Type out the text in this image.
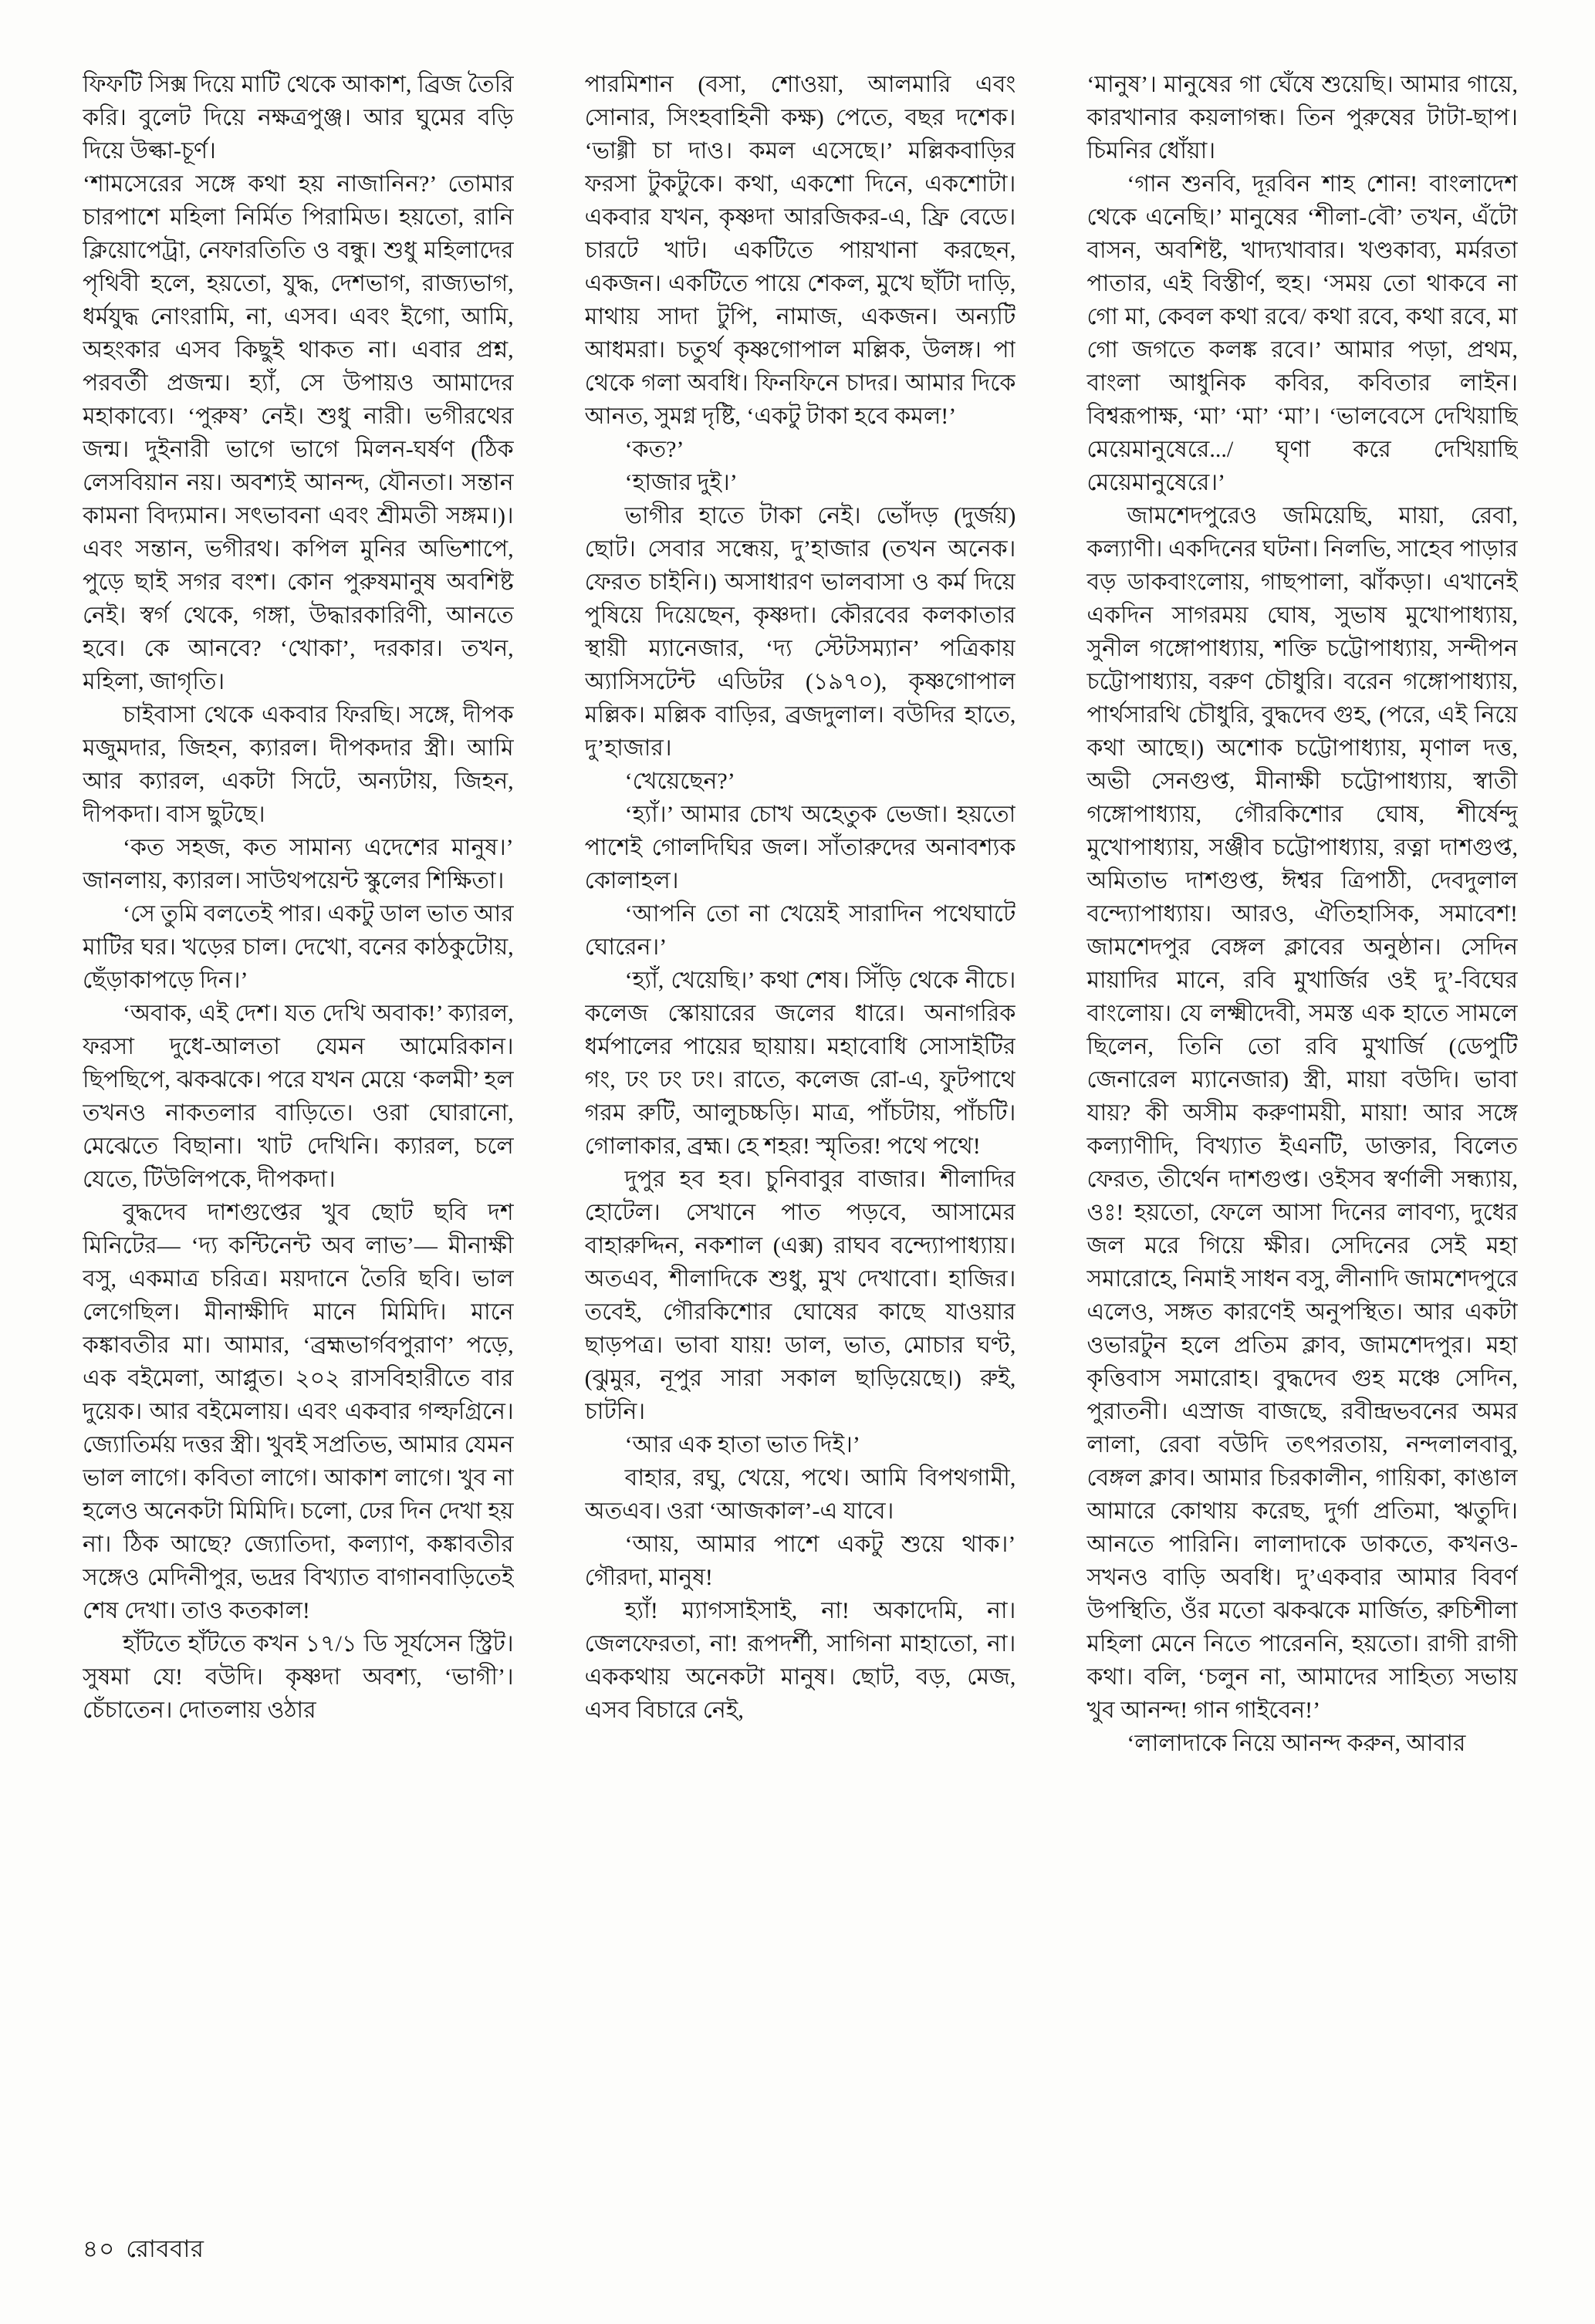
ফিফটি সিক্স দিয়ে মাটি থেকে আকাশ, ব্রিজ তৈরি করি। বুলেট দিয়ে নক্ষত্রপুঞ্জ। আর ঘুমের বড়ি দিয়ে উল্কা-চূর্ণ।

‘শামসেরের সঙ্গে কথা হয় নাজানিন?’ তোমার চারপাশে মহিলা নির্মিত পিরামিড। হয়তো, রানি ক্লিয়োপেট্রা, নেফারতিতি ও বন্ধু। শুধু মহিলাদের পৃথিবী হলে, হয়তো, যুদ্ধ, দেশভাগ, রাজ্যভাগ, ধর্মযুদ্ধ নোংরামি, না, এসব। এবং ইগো, আমি, অহংকার এসব কিছুই থাকত না। এবার প্রশ্ন, পরবর্তী প্রজন্ম। হ্যাঁ, সে উপায়ও আমাদের মহাকাব্যে। ‘পুরুষ’ নেই। শুধু নারী। ভগীরথের জন্ম। দুইনারী ভাগে ভাগে মিলন-ঘর্ষণ (ঠিক লেসবিয়ান নয়। অবশ্যই আনন্দ, যৌনতা। সন্তান কামনা বিদ্যমান। সৎভাবনা এবং শ্রীমতী সঙ্গম।)। এবং সন্তান, ভগীরথ। কপিল মুনির অভিশাপে, পুড়ে ছাই সগর বংশ। কোন পুরুষমানুষ অবশিষ্ট নেই। স্বর্গ থেকে, গঙ্গা, উদ্ধারকারিণী, আনতে হবে। কে আনবে? ‘খোকা’, দরকার। তখন, মহিলা, জাগৃতি।

চাইবাসা থেকে একবার ফিরছি। সঙ্গে, দীপক মজুমদার, জিহন, ক্যারল। দীপকদার স্ত্রী। আমি আর ক্যারল, একটা সিটে, অন্যটায়, জিহন, দীপকদা। বাস ছুটছে।

‘কত সহজ, কত সামান্য এদেশের মানুষ।’ জানলায়, ক্যারল। সাউথপয়েন্ট স্কুলের শিক্ষিতা।

‘সে তুমি বলতেই পার। একটু ডাল ভাত আর মাটির ঘর। খড়ের চাল। দেখো, বনের কাঠকুটোয়, ছেঁড়াকাপড়ে দিন।’

‘অবাক, এই দেশ। যত দেখি অবাক!’ ক্যারল, ফরসা দুধে-আলতা যেমন আমেরিকান। ছিপছিপে, ঝকঝকে। পরে যখন মেয়ে ‘কলমী’ হল তখনও নাকতলার বাড়িতে। ওরা ঘোরানো, মেঝেতে বিছানা। খাট দেখিনি। ক্যারল, চলে যেতে, টিউলিপকে, দীপকদা।

বুদ্ধদেব দাশগুপ্তের খুব ছোট ছবি দশ মিনিটের— ‘দ্য কন্টিনেন্ট অব লাভ’— মীনাক্ষী বসু, একমাত্র চরিত্র। ময়দানে তৈরি ছবি। ভাল লেগেছিল। মীনাক্ষীদি মানে মিমিদি। মানে কঙ্কাবতীর মা। আমার, ‘ব্রহ্মভার্গবপুরাণ’ পড়ে, এক বইমেলা, আপ্লুত। ২০২ রাসবিহারীতে বার দুয়েক। আর বইমেলায়। এবং একবার গল্ফগ্রিনে। জ্যোতির্ময় দত্তর স্ত্রী। খুবই সপ্রতিভ, আমার যেমন ভাল লাগে। কবিতা লাগে। আকাশ লাগে। খুব না হলেও অনেকটা মিমিদি। চলো, ঢের দিন দেখা হয় না। ঠিক আছে? জ্যোতিদা, কল্যাণ, কঙ্কাবতীর সঙ্গেও মেদিনীপুর, ভদ্রর বিখ্যাত বাগানবাড়িতেই শেষ দেখা। তাও কতকাল!

হাঁটতে হাঁটতে কখন ১৭/১ ডি সূর্যসেন স্ট্রিট। সুষমা যে! বউদি। কৃষ্ণদা অবশ্য, ‘ভাগী’। চেঁচাতেন। দোতলায় ওঠার

পারমিশান (বসা, শোওয়া, আলমারি এবং সোনার, সিংহবাহিনী কক্ষ) পেতে, বছর দশেক। ‘ভাগ্গী চা দাও। কমল এসেছে।’ মল্লিকবাড়ির ফরসা টুকটুকে। কথা, একশো দিনে, একশোটা। একবার যখন, কৃষ্ণদা আরজিকর-এ, ফ্রি বেডে। চারটে খাট। একটিতে পায়খানা করছেন, একজন। একটিতে পায়ে শেকল, মুখে ছাঁটা দাড়ি, মাথায় সাদা টুপি, নামাজ, একজন। অন্যটি আধমরা। চতুর্থ কৃষ্ণগোপাল মল্লিক, উলঙ্গ। পা থেকে গলা অবধি। ফিনফিনে চাদর। আমার দিকে আনত, সুমগ্ন দৃষ্টি, ‘একটু টাকা হবে কমল!’

‘কত?’

‘হাজার দুই।’

ভাগীর হাতে টাকা নেই। ভোঁদড় (দুর্জয়) ছোট। সেবার সন্ধেয়, দু’হাজার (তখন অনেক। ফেরত চাইনি।) অসাধারণ ভালবাসা ও কর্ম দিয়ে পুষিয়ে দিয়েছেন, কৃষ্ণদা। কৌরবের কলকাতার স্থায়ী ম্যানেজার, ‘দ্য স্টেটসম্যান’ পত্রিকায় অ্যাসিসটেন্ট এডিটর (১৯৭০), কৃষ্ণগোপাল মল্লিক। মল্লিক বাড়ির, ব্রজদুলাল। বউদির হাতে, দু’হাজার।

‘খেয়েছেন?’

‘হ্যাঁ।’ আমার চোখ অহেতুক ভেজা। হয়তো পাশেই গোলদিঘির জল। সাঁতারুদের অনাবশ্যক কোলাহল।

‘আপনি তো না খেয়েই সারাদিন পথেঘাটে ঘোরেন।’

‘হ্যাঁ, খেয়েছি।’ কথা শেষ। সিঁড়ি থেকে নীচে। কলেজ স্কোয়ারের জলের ধারে। অনাগরিক ধর্মপালের পায়ের ছায়ায়। মহাবোধি সোসাইটির গং, ঢং ঢং ঢং। রাতে, কলেজ রো-এ, ফুটপাথে গরম রুটি, আলুচচ্চড়ি। মাত্র, পাঁচটায়, পাঁচটি। গোলাকার, ব্রহ্ম। হে শহর! স্মৃতির! পথে পথে!

দুপুর হব হব। চুনিবাবুর বাজার। শীলাদির হোটেল। সেখানে পাত পড়বে, আসামের বাহারুদ্দিন, নকশাল (এক্স) রাঘব বন্দ্যোপাধ্যায়। অতএব, শীলাদিকে শুধু, মুখ দেখাবো। হাজির। তবেই, গৌরকিশোর ঘোষের কাছে যাওয়ার ছাড়পত্র। ভাবা যায়! ডাল, ভাত, মোচার ঘণ্ট, (ঝুমুর, নূপুর সারা সকাল ছাড়িয়েছে।) রুই, চাটনি।

‘আর এক হাতা ভাত দিই।’

বাহার, রঘু, খেয়ে, পথে। আমি বিপথগামী, অতএব। ওরা ‘আজকাল’-এ যাবে।

‘আয়, আমার পাশে একটু শুয়ে থাক।’ গৌরদা, মানুষ!

হ্যাঁ! ম্যাগসাইসাই, না! অকাদেমি, না। জেলফেরতা, না! রূপদর্শী, সাগিনা মাহাতো, না। এককথায় অনেকটা মানুষ। ছোট, বড়, মেজ, এসব বিচারে নেই,

‘মানুষ’। মানুষের গা ঘেঁষে শুয়েছি। আমার গায়ে, কারখানার কয়লাগন্ধ। তিন পুরুষের টাটা-ছাপ। চিমনির ধোঁয়া।

‘গান শুনবি, দূরবিন শাহ শোন! বাংলাদেশ থেকে এনেছি।’ মানুষের ‘শীলা-বৌ’ তখন, এঁটো বাসন, অবশিষ্ট, খাদ্যখাবার। খণ্ডকাব্য, মর্মরতা পাতার, এই বিস্তীর্ণ, হুহ। ‘সময় তো থাকবে না গো মা, কেবল কথা রবে/ কথা রবে, কথা রবে, মা গো জগতে কলঙ্ক রবে।’ আমার পড়া, প্রথম, বাংলা আধুনিক কবির, কবিতার লাইন। বিশ্বরূপাক্ষ, ‘মা’ ‘মা’ ‘মা’। ‘ভালবেসে দেখিয়াছি মেয়েমানুষেরে.../ ঘৃণা করে দেখিয়াছি মেয়েমানুষেরে।’

জামশেদপুরেও জমিয়েছি, মায়া, রেবা, কল্যাণী। একদিনের ঘটনা। নিলভি, সাহেব পাড়ার বড় ডাকবাংলোয়, গাছপালা, ঝাঁকড়া। এখানেই একদিন সাগরময় ঘোষ, সুভাষ মুখোপাধ্যায়, সুনীল গঙ্গোপাধ্যায়, শক্তি চট্টোপাধ্যায়, সন্দীপন চট্টোপাধ্যায়, বরুণ চৌধুরি। বরেন গঙ্গোপাধ্যায়, পার্থসারথি চৌধুরি, বুদ্ধদেব গুহ, (পরে, এই নিয়ে কথা আছে।) অশোক চট্টোপাধ্যায়, মৃণাল দত্ত, অভী সেনগুপ্ত, মীনাক্ষী চট্টোপাধ্যায়, স্বাতী গঙ্গোপাধ্যায়, গৌরকিশোর ঘোষ, শীর্ষেন্দু মুখোপাধ্যায়, সঞ্জীব চট্টোপাধ্যায়, রত্না দাশগুপ্ত, অমিতাভ দাশগুপ্ত, ঈশ্বর ত্রিপাঠী, দেবদুলাল বন্দ্যোপাধ্যায়। আরও, ঐতিহাসিক, সমাবেশ! জামশেদপুর বেঙ্গল ক্লাবের অনুষ্ঠান। সেদিন মায়াদির মানে, রবি মুখার্জির ওই দু’-বিঘের বাংলোয়। যে লক্ষ্মীদেবী, সমস্ত এক হাতে সামলে ছিলেন, তিনি তো রবি মুখার্জি (ডেপুটি জেনারেল ম্যানেজার) স্ত্রী, মায়া বউদি। ভাবা যায়? কী অসীম করুণাময়ী, মায়া! আর সঙ্গে কল্যাণীদি, বিখ্যাত ইএনটি, ডাক্তার, বিলেত ফেরত, তীর্থেন দাশগুপ্ত। ওইসব স্বর্ণালী সন্ধ্যায়, ওঃ! হয়তো, ফেলে আসা দিনের লাবণ্য, দুধের জল মরে গিয়ে ক্ষীর। সেদিনের সেই মহা সমারোহে, নিমাই সাধন বসু, লীনাদি জামশেদপুরে এলেও, সঙ্গত কারণেই অনুপস্থিত। আর একটা ওভারটুন হলে প্রতিম ক্লাব, জামশেদপুর। মহা কৃত্তিবাস সমারোহ। বুদ্ধদেব গুহ মঞ্চে সেদিন, পুরাতনী। এস্রাজ বাজছে, রবীন্দ্রভবনের অমর লালা, রেবা বউদি তৎপরতায়, নন্দলালবাবু, বেঙ্গল ক্লাব। আমার চিরকালীন, গায়িকা, কাঙাল আমারে কোথায় করেছ, দুর্গা প্রতিমা, ঋতুদি। আনতে পারিনি। লালাদাকে ডাকতে, কখনও-সখনও বাড়ি অবধি। দু’একবার আমার বিবর্ণ উপস্থিতি, ওঁর মতো ঝকঝকে মার্জিত, রুচিশীলা মহিলা মেনে নিতে পারেননি, হয়তো। রাগী রাগী কথা। বলি, ‘চলুন না, আমাদের সাহিত্য সভায় খুব আনন্দ! গান গাইবেন!’

‘লালাদাকে নিয়ে আনন্দ করুন, আবার

৪০ রোববার
